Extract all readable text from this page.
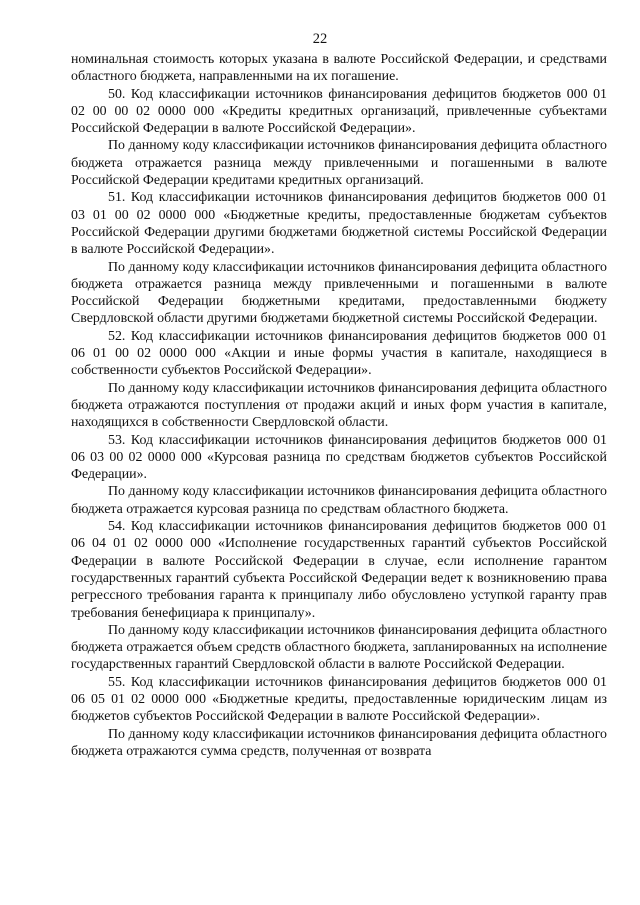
22

номинальная стоимость которых указана в валюте Российской Федерации, и средствами областного бюджета, направленными на их погашение.

50. Код классификации источников финансирования дефицитов бюджетов 000 01 02 00 00 02 0000 000 «Кредиты кредитных организаций, привлеченные субъектами Российской Федерации в валюте Российской Федерации».

По данному коду классификации источников финансирования дефицита областного бюджета отражается разница между привлеченными и погашенными в валюте Российской Федерации кредитами кредитных организаций.

51. Код классификации источников финансирования дефицитов бюджетов 000 01 03 01 00 02 0000 000 «Бюджетные кредиты, предоставленные бюджетам субъектов Российской Федерации другими бюджетами бюджетной системы Российской Федерации в валюте Российской Федерации».

По данному коду классификации источников финансирования дефицита областного бюджета отражается разница между привлеченными и погашенными в валюте Российской Федерации бюджетными кредитами, предоставленными бюджету Свердловской области другими бюджетами бюджетной системы Российской Федерации.

52. Код классификации источников финансирования дефицитов бюджетов 000 01 06 01 00 02 0000 000 «Акции и иные формы участия в капитале, находящиеся в собственности субъектов Российской Федерации».

По данному коду классификации источников финансирования дефицита областного бюджета отражаются поступления от продажи акций и иных форм участия в капитале, находящихся в собственности Свердловской области.

53. Код классификации источников финансирования дефицитов бюджетов 000 01 06 03 00 02 0000 000 «Курсовая разница по средствам бюджетов субъектов Российской Федерации».

По данному коду классификации источников финансирования дефицита областного бюджета отражается курсовая разница по средствам областного бюджета.

54. Код классификации источников финансирования дефицитов бюджетов 000 01 06 04 01 02 0000 000 «Исполнение государственных гарантий субъектов Российской Федерации в валюте Российской Федерации в случае, если исполнение гарантом государственных гарантий субъекта Российской Федерации ведет к возникновению права регрессного требования гаранта к принципалу либо обусловлено уступкой гаранту прав требования бенефициара к принципалу».

По данному коду классификации источников финансирования дефицита областного бюджета отражается объем средств областного бюджета, запланированных на исполнение государственных гарантий Свердловской области в валюте Российской Федерации.

55. Код классификации источников финансирования дефицитов бюджетов 000 01 06 05 01 02 0000 000 «Бюджетные кредиты, предоставленные юридическим лицам из бюджетов субъектов Российской Федерации в валюте Российской Федерации».

По данному коду классификации источников финансирования дефицита областного бюджета отражаются сумма средств, полученная от возврата
